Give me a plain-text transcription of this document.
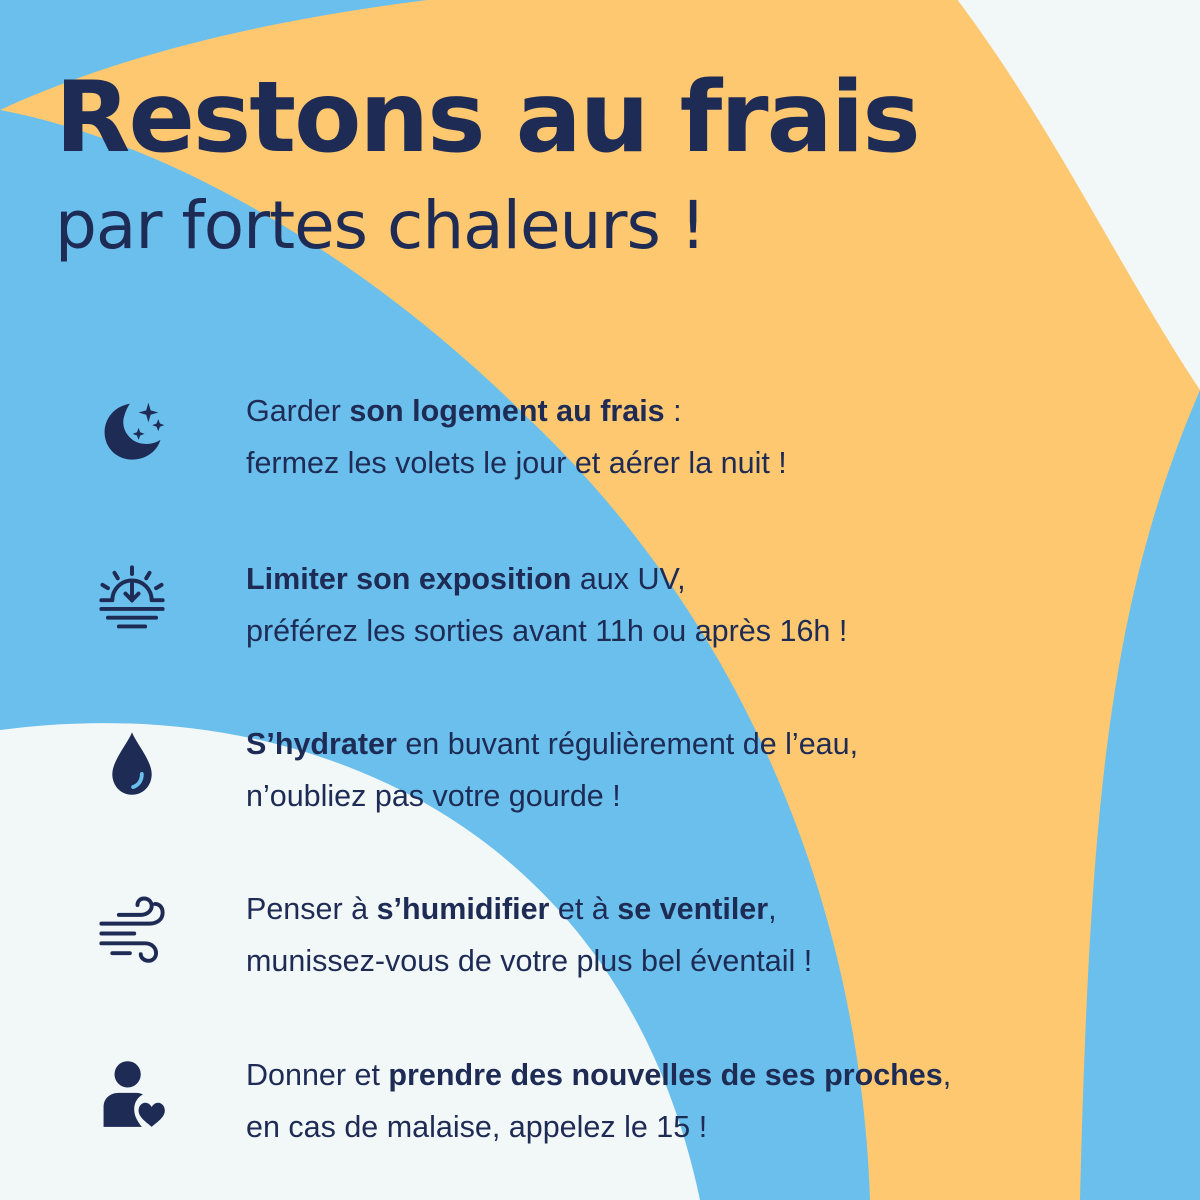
Restons au frais
par fortes chaleurs !
Garder son logement au frais :
fermez les volets le jour et aérer la nuit !
Limiter son exposition aux UV,
préférez les sorties avant 11h ou après 16h !
S’hydrater en buvant régulièrement de l’eau,
n’oubliez pas votre gourde !
Penser à s’humidifier et à se ventiler,
munissez-vous de votre plus bel éventail !
Donner et prendre des nouvelles de ses proches,
en cas de malaise, appelez le 15 !
